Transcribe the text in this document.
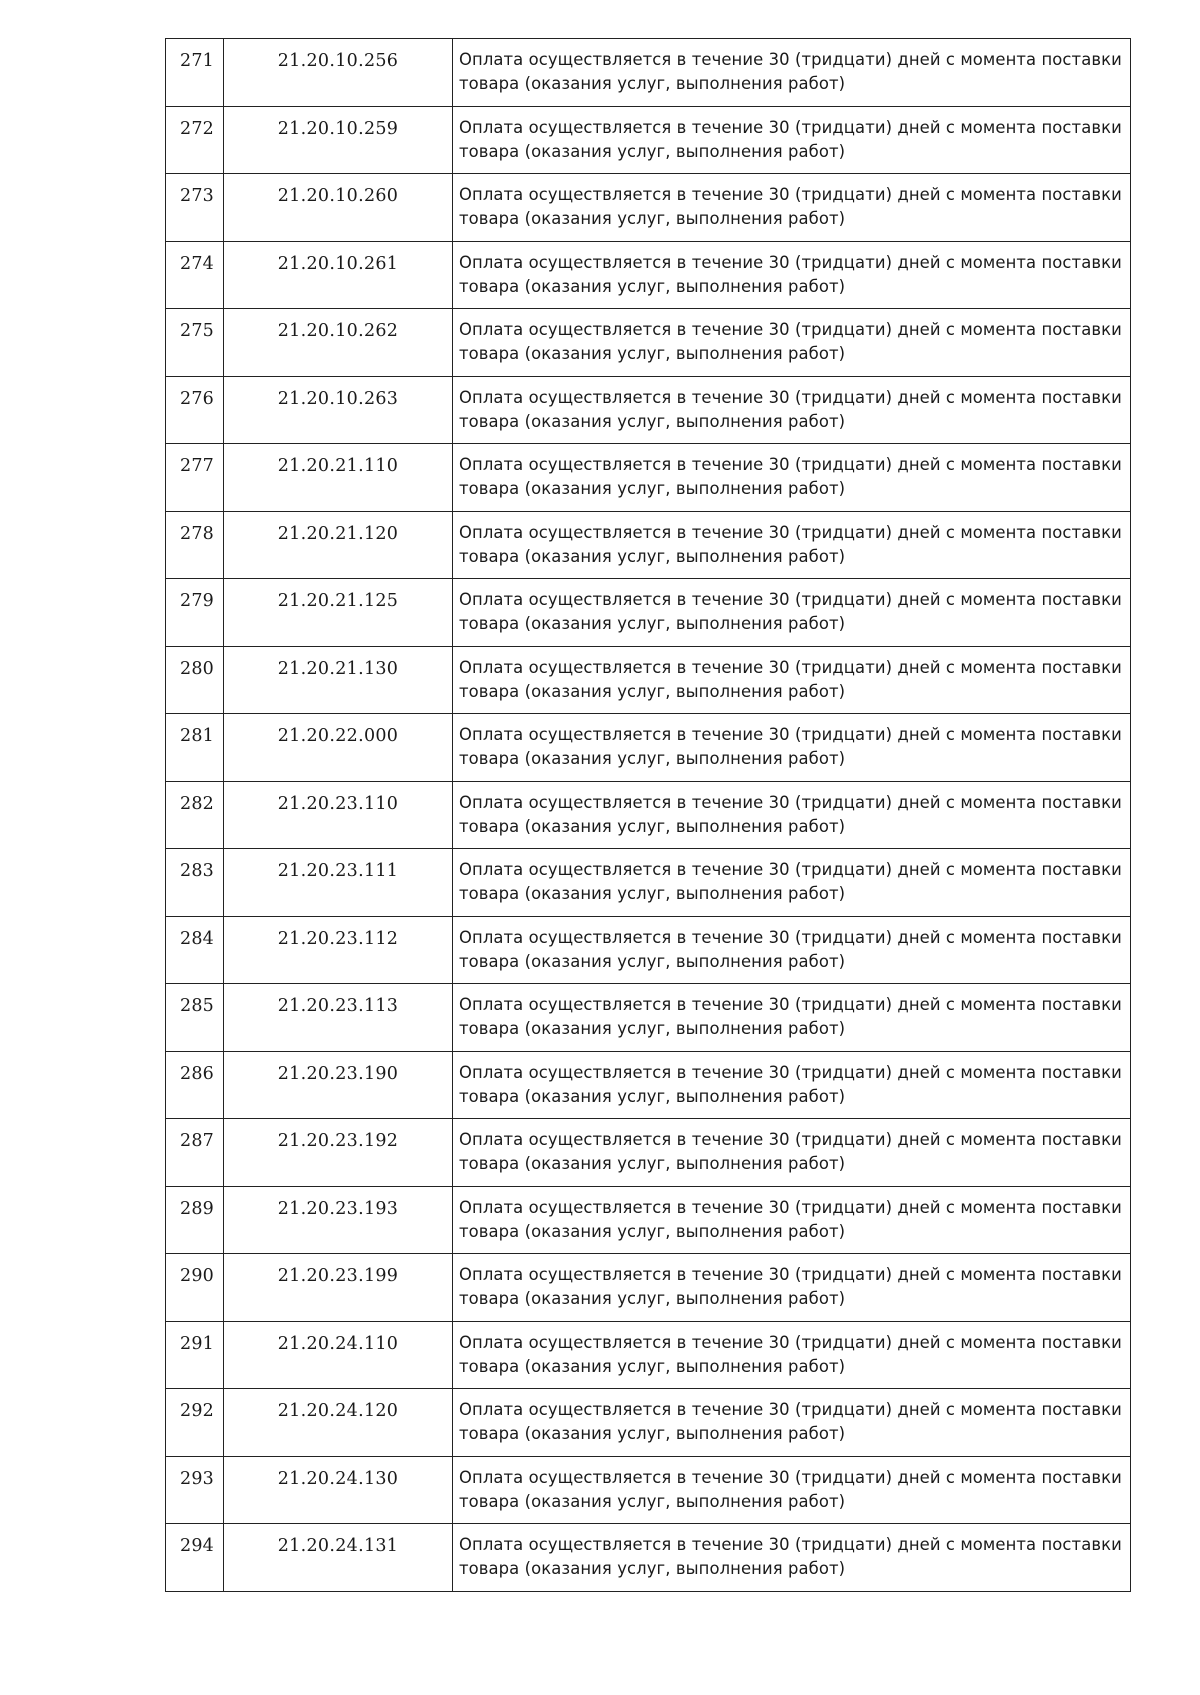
271	21.20.10.256	Оплата осуществляется в течение 30 (тридцати) дней с момента поставки товара (оказания услуг, выполнения работ)
272	21.20.10.259	Оплата осуществляется в течение 30 (тридцати) дней с момента поставки товара (оказания услуг, выполнения работ)
273	21.20.10.260	Оплата осуществляется в течение 30 (тридцати) дней с момента поставки товара (оказания услуг, выполнения работ)
274	21.20.10.261	Оплата осуществляется в течение 30 (тридцати) дней с момента поставки товара (оказания услуг, выполнения работ)
275	21.20.10.262	Оплата осуществляется в течение 30 (тридцати) дней с момента поставки товара (оказания услуг, выполнения работ)
276	21.20.10.263	Оплата осуществляется в течение 30 (тридцати) дней с момента поставки товара (оказания услуг, выполнения работ)
277	21.20.21.110	Оплата осуществляется в течение 30 (тридцати) дней с момента поставки товара (оказания услуг, выполнения работ)
278	21.20.21.120	Оплата осуществляется в течение 30 (тридцати) дней с момента поставки товара (оказания услуг, выполнения работ)
279	21.20.21.125	Оплата осуществляется в течение 30 (тридцати) дней с момента поставки товара (оказания услуг, выполнения работ)
280	21.20.21.130	Оплата осуществляется в течение 30 (тридцати) дней с момента поставки товара (оказания услуг, выполнения работ)
281	21.20.22.000	Оплата осуществляется в течение 30 (тридцати) дней с момента поставки товара (оказания услуг, выполнения работ)
282	21.20.23.110	Оплата осуществляется в течение 30 (тридцати) дней с момента поставки товара (оказания услуг, выполнения работ)
283	21.20.23.111	Оплата осуществляется в течение 30 (тридцати) дней с момента поставки товара (оказания услуг, выполнения работ)
284	21.20.23.112	Оплата осуществляется в течение 30 (тридцати) дней с момента поставки товара (оказания услуг, выполнения работ)
285	21.20.23.113	Оплата осуществляется в течение 30 (тридцати) дней с момента поставки товара (оказания услуг, выполнения работ)
286	21.20.23.190	Оплата осуществляется в течение 30 (тридцати) дней с момента поставки товара (оказания услуг, выполнения работ)
287	21.20.23.192	Оплата осуществляется в течение 30 (тридцати) дней с момента поставки товара (оказания услуг, выполнения работ)
289	21.20.23.193	Оплата осуществляется в течение 30 (тридцати) дней с момента поставки товара (оказания услуг, выполнения работ)
290	21.20.23.199	Оплата осуществляется в течение 30 (тридцати) дней с момента поставки товара (оказания услуг, выполнения работ)
291	21.20.24.110	Оплата осуществляется в течение 30 (тридцати) дней с момента поставки товара (оказания услуг, выполнения работ)
292	21.20.24.120	Оплата осуществляется в течение 30 (тридцати) дней с момента поставки товара (оказания услуг, выполнения работ)
293	21.20.24.130	Оплата осуществляется в течение 30 (тридцати) дней с момента поставки товара (оказания услуг, выполнения работ)
294	21.20.24.131	Оплата осуществляется в течение 30 (тридцати) дней с момента поставки товара (оказания услуг, выполнения работ)
